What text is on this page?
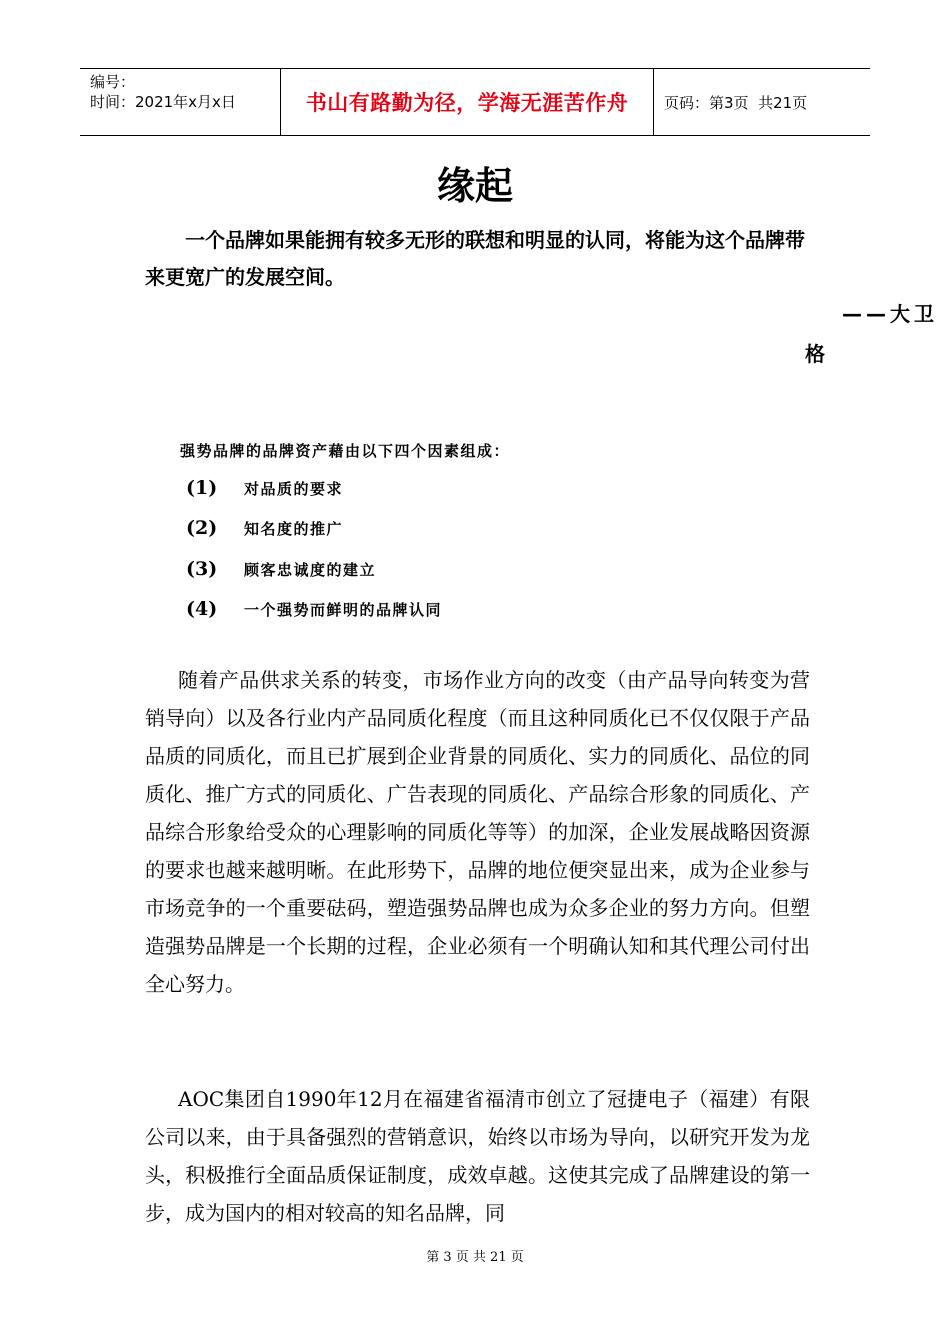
编号：
时间：2021年x月x日	书山有路勤为径，学海无涯苦作舟	页码：第3页  共21页
缘起
一个品牌如果能拥有较多无形的联想和明显的认同，将能为这个品牌带来更宽广的发展空间。
——大卫
格
强势品牌的品牌资产藉由以下四个因素组成：
(1) 对品质的要求
(2) 知名度的推广
(3) 顾客忠诚度的建立
(4) 一个强势而鲜明的品牌认同
随着产品供求关系的转变，市场作业方向的改变（由产品导向转变为营销导向）以及各行业内产品同质化程度（而且这种同质化已不仅仅限于产品品质的同质化，而且已扩展到企业背景的同质化、实力的同质化、品位的同质化、推广方式的同质化、广告表现的同质化、产品综合形象的同质化、产品综合形象给受众的心理影响的同质化等等）的加深，企业发展战略因资源的要求也越来越明晰。在此形势下，品牌的地位便突显出来，成为企业参与市场竞争的一个重要砝码，塑造强势品牌也成为众多企业的努力方向。但塑造强势品牌是一个长期的过程，企业必须有一个明确认知和其代理公司付出全心努力。
AOC集团自1990年12月在福建省福清市创立了冠捷电子（福建）有限公司以来，由于具备强烈的营销意识，始终以市场为导向，以研究开发为龙头，积极推行全面品质保证制度，成效卓越。这使其完成了品牌建设的第一步，成为国内的相对较高的知名品牌，同
第 3 页 共 21 页
